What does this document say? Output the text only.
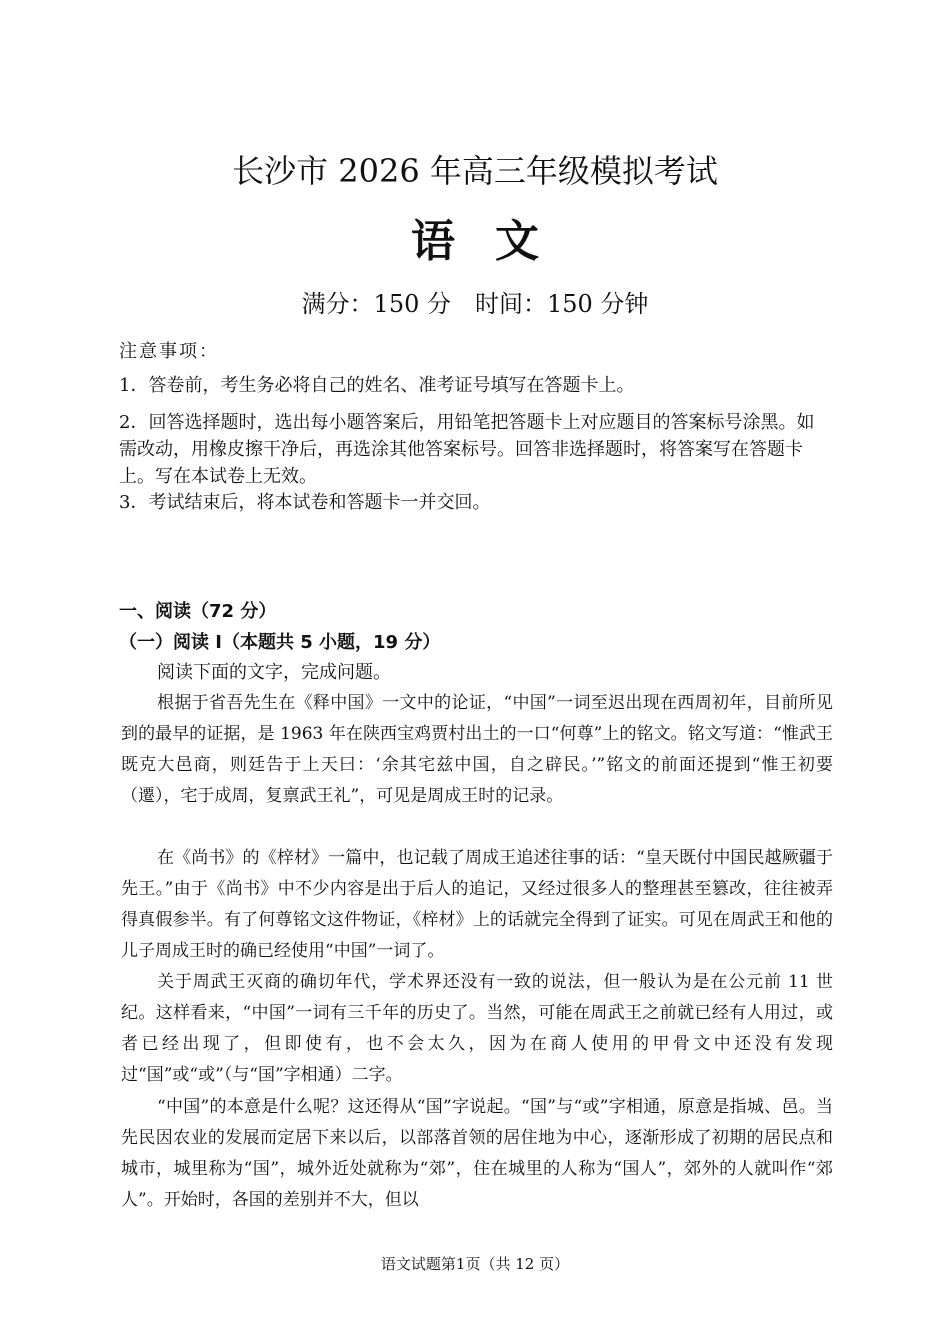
长沙市 2026 年高三年级模拟考试
语文
满分：150 分　时间：150 分钟
注意事项：
1．答卷前，考生务必将自己的姓名、准考证号填写在答题卡上。
2．回答选择题时，选出每小题答案后，用铅笔把答题卡上对应题目的答案标号涂黑。如需改动，用橡皮擦干净后，再选涂其他答案标号。回答非选择题时，将答案写在答题卡上。写在本试卷上无效。
3．考试结束后，将本试卷和答题卡一并交回。
一、阅读（72 分）
（一）阅读 I（本题共 5 小题，19 分）
阅读下面的文字，完成问题。
根据于省吾先生在《释中国》一文中的论证，“中国”一词至迟出现在西周初年，目前所见到的最早的证据，是 1963 年在陕西宝鸡贾村出土的一口“何尊”上的铭文。铭文写道：“惟武王既克大邑商，则廷告于上天曰：‘余其宅兹中国，自之辟民。’”铭文的前面还提到“惟王初要（遷），宅于成周，复禀武王礼”，可见是周成王时的记录。
在《尚书》的《梓材》一篇中，也记载了周成王追述往事的话：“皇天既付中国民越厥疆于先王。”由于《尚书》中不少内容是出于后人的追记，又经过很多人的整理甚至篡改，往往被弄得真假参半。有了何尊铭文这件物证，《梓材》上的话就完全得到了证实。可见在周武王和他的儿子周成王时的确已经使用“中国”一词了。
关于周武王灭商的确切年代，学术界还没有一致的说法，但一般认为是在公元前 11 世纪。这样看来，“中国”一词有三千年的历史了。当然，可能在周武王之前就已经有人用过，或者已经出现了，但即使有，也不会太久，因为在商人使用的甲骨文中还没有发现过“国”或“或”（与“国”字相通）二字。
“中国”的本意是什么呢？这还得从“国”字说起。“国”与“或”字相通，原意是指城、邑。当先民因农业的发展而定居下来以后，以部落首领的居住地为中心，逐渐形成了初期的居民点和城市，城里称为“国”，城外近处就称为“郊”，住在城里的人称为“国人”，郊外的人就叫作“郊人”。开始时，各国的差别并不大，但以
语文试题第1页（共 12 页）
